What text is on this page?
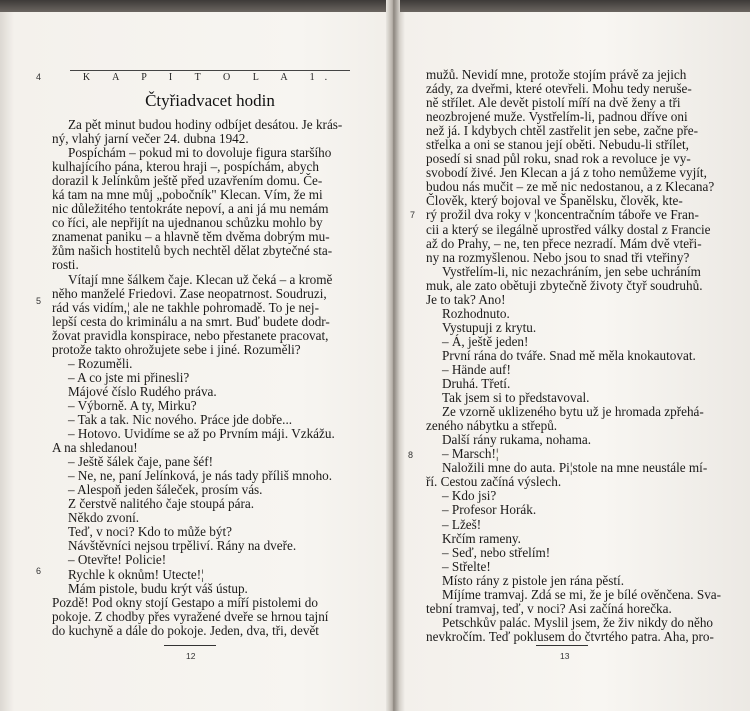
4	K A P I T O L A 1.
Čtyřiadvacet hodin
Za pět minut budou hodiny odbíjet desátou. Je krás-
ný, vlahý jarní večer 24. dubna 1942.
Pospíchám – pokud mi to dovoluje figura staršího
kulhajícího pána, kterou hraji –, pospíchám, abych
dorazil k Jelínkům ještě před uzavřením domu. Če-
ká tam na mne můj „pobočník" Klecan. Vím, že mi
nic důležitého tentokráte nepoví, a ani já mu nemám
co říci, ale nepřijít na ujednanou schůzku mohlo by
znamenat paniku – a hlavně těm dvěma dobrým mu-
žům našich hostitelů bych nechtěl dělat zbytečné sta-
rosti.
Vítají mne šálkem čaje. Klecan už čeká – a kromě
něho manželé Friedovi. Zase neopatrnost. Soudruzi,
rád vás vidím,¦ ale ne takhle pohromadě. To je nej-
lepší cesta do kriminálu a na smrt. Buď budete dodr-
žovat pravidla konspirace, nebo přestanete pracovat,
protože takto ohrožujete sebe i jiné. Rozuměli?
– Rozuměli.
– A co jste mi přinesli?
Májové číslo Rudého práva.
– Výborně. A ty, Mirku?
– Tak a tak. Nic nového. Práce jde dobře...
– Hotovo. Uvidíme se až po Prvním máji. Vzkážu.
A na shledanou!
– Ještě šálek čaje, pane šéf!
– Ne, ne, paní Jelínková, je nás tady příliš mnoho.
– Alespoň jeden šáleček, prosím vás.
Z čerstvě nalitého čaje stoupá pára.
Někdo zvoní.
Teď, v noci? Kdo to může být?
Návštěvníci nejsou trpěliví. Rány na dveře.
– Otevřte! Policie!
Rychle k oknům! Utecte!¦
Mám pistole, budu krýt váš ústup.
Pozdě! Pod okny stojí Gestapo a míří pistolemi do
pokoje. Z chodby přes vyražené dveře se hrnou tajní
do kuchyně a dále do pokoje. Jeden, dva, tři, devět
5
6
12
mužů. Nevidí mne, protože stojím právě za jejich
zády, za dveřmi, které otevřeli. Mohu tedy neruše-
ně střílet. Ale devět pistolí míří na dvě ženy a tři
neozbrojené muže. Vystřelím-li, padnou dříve oni
než já. I kdybych chtěl zastřelit jen sebe, začne pře-
střelka a oni se stanou její oběti. Nebudu-li střílet,
posedí si snad půl roku, snad rok a revoluce je vy-
svobodí živé. Jen Klecan a já z toho nemůžeme vyjít,
budou nás mučit – ze mě nic nedostanou, a z Klecana?
Člověk, který bojoval ve Španělsku, člověk, kte-
rý prožil dva roky v ¦koncentračním táboře ve Fran-
cii a který se ilegálně uprostřed války dostal z Francie
až do Prahy, – ne, ten přece nezradí. Mám dvě vteři-
ny na rozmyšlenou. Nebo jsou to snad tři vteřiny?
Vystřelím-li, nic nezachráním, jen sebe uchráním
muk, ale zato obětuji zbytečně životy čtyř soudruhů.
Je to tak? Ano!
Rozhodnuto.
Vystupuji z krytu.
– Á, ještě jeden!
První rána do tváře. Snad mě měla knokautovat.
– Hände auf!
Druhá. Třetí.
Tak jsem si to představoval.
Ze vzorně uklizeného bytu už je hromada zpřehá-
zeného nábytku a střepů.
Další rány rukama, nohama.
– Marsch!¦
Naložili mne do auta. Pi¦stole na mne neustále mí-
ří. Cestou začíná výslech.
– Kdo jsi?
– Profesor Horák.
– Lžeš!
Krčím rameny.
– Seď, nebo střelím!
– Střelte!
Místo rány z pistole jen rána pěstí.
Míjíme tramvaj. Zdá se mi, že je bílé ověnčena. Sva-
tební tramvaj, teď, v noci? Asi začíná horečka.
Petschkův palác. Myslil jsem, že živ nikdy do něho
nevkročím. Teď poklusem do čtvrtého patra. Aha, pro-
7
8
13
